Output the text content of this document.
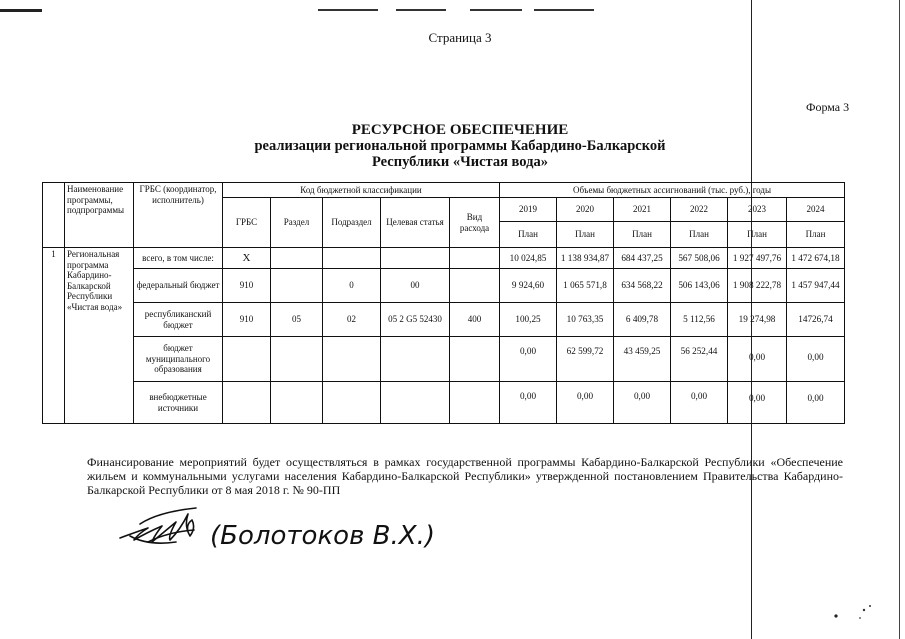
Страница 3
Форма 3
РЕСУРСНОЕ ОБЕСПЕЧЕНИЕ
реализации региональной программы Кабардино-Балкарской
Республики «Чистая вода»
	Наименование программы, подпрограммы	ГРБС (координатор, исполнитель)	Код бюджетной классификации					Объемы бюджетных ассигнований (тыс. руб.), годы					
			ГРБС	Раздел	Подраздел	Целевая статья	Вид расхода	2019	2020	2021	2022	2023	2024
								План	План	План	План	План	План
1	Региональная программа Кабардино-Балкарской Республики «Чистая вода»	всего, в том числе:	X					10 024,85	1 138 934,87	684 437,25	567 508,06	1 927 497,76	1 472 674,18
		федеральный бюджет	910		0	00		9 924,60	1 065 571,8	634 568,22	506 143,06	1 908 222,78	1 457 947,44
		республиканский бюджет	910	05	02	05 2 G5 52430	400	100,25	10 763,35	6 409,78	5 112,56	19 274,98	14726,74
		бюджет муниципального образования						0,00	62 599,72	43 459,25	56 252,44	0,00	0,00
		внебюджетные источники						0,00	0,00	0,00	0,00	0,00	0,00
Финансирование мероприятий будет осуществляться в рамках государственной программы Кабардино-Балкарской Республики «Обеспечение жильем и коммунальными услугами населения Кабардино-Балкарской Республики» утвержденной постановлением Правительства Кабардино-Балкарской Республики от 8 мая 2018 г. № 90-ПП
(Болотоков В.Х.)
